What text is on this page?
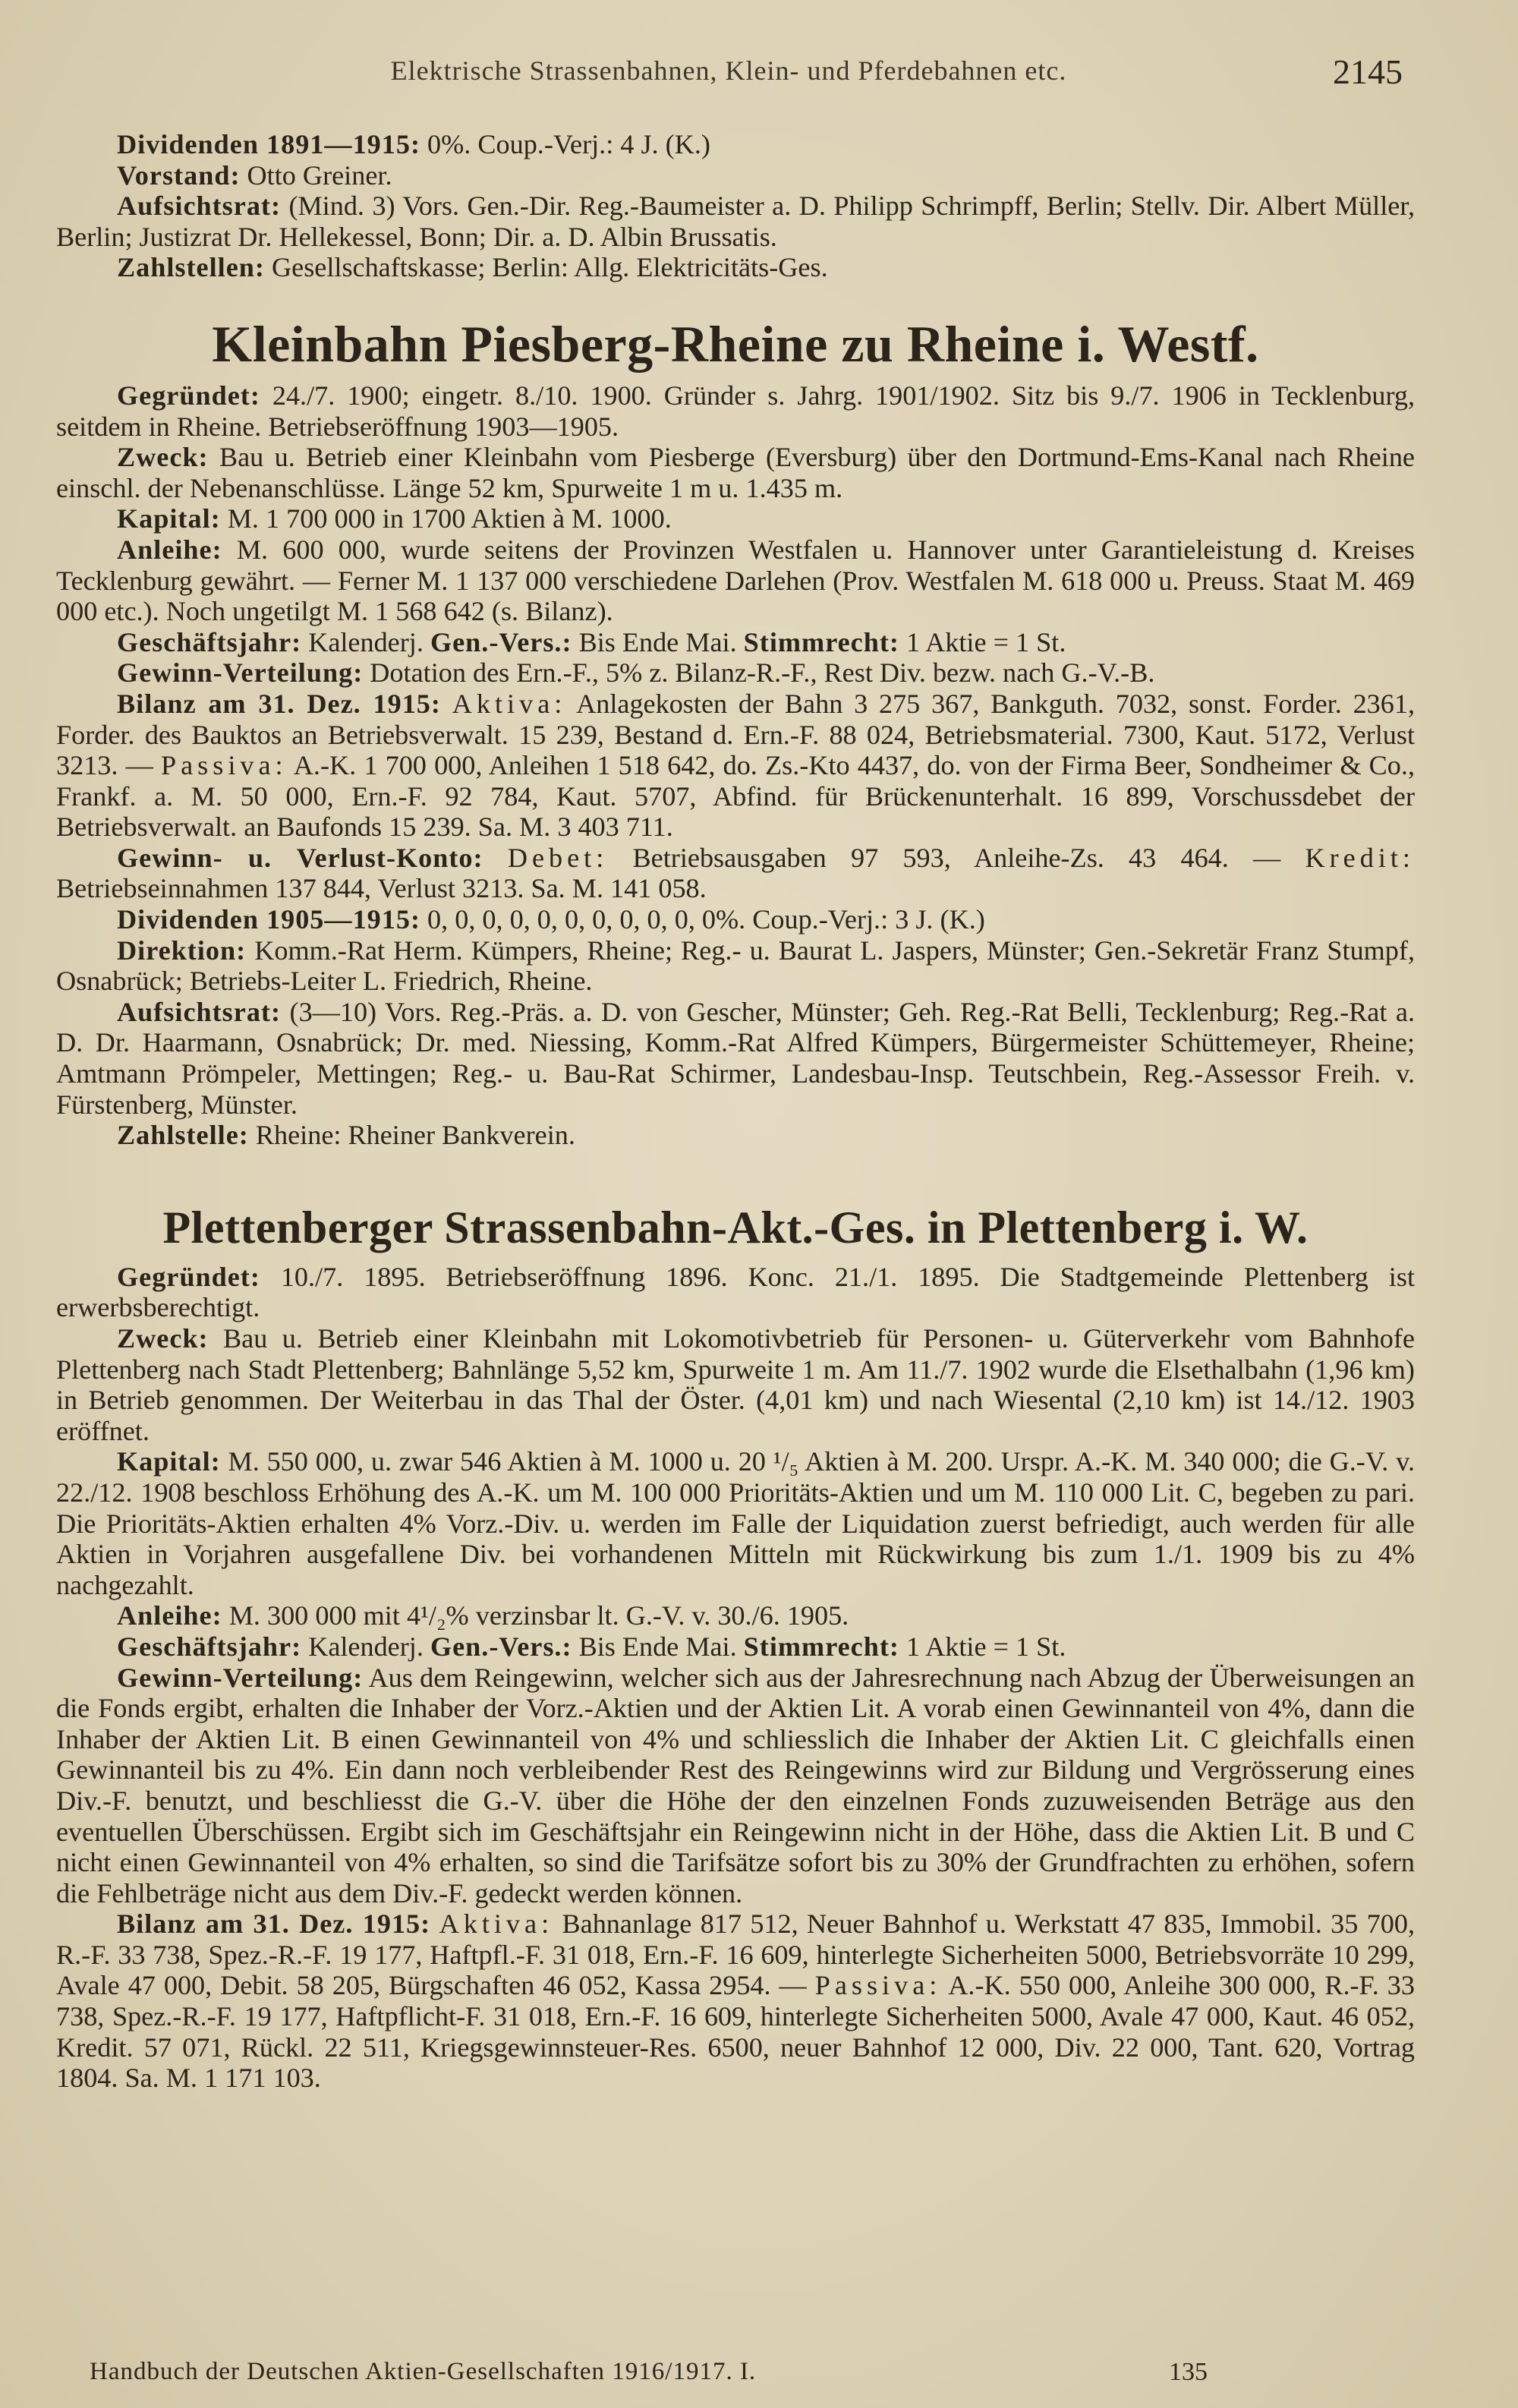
Elektrische Strassenbahnen, Klein- und Pferdebahnen etc.	2145

Dividenden 1891—1915: 0%. Coup.-Verj.: 4 J. (K.)

Vorstand: Otto Greiner.

Aufsichtsrat: (Mind. 3) Vors. Gen.-Dir. Reg.-Baumeister a. D. Philipp Schrimpff, Berlin; Stellv. Dir. Albert Müller, Berlin; Justizrat Dr. Hellekessel, Bonn; Dir. a. D. Albin Brussatis.

Zahlstellen: Gesellschaftskasse; Berlin: Allg. Elektricitäts-Ges.

Kleinbahn Piesberg-Rheine zu Rheine i. Westf.

Gegründet: 24./7. 1900; eingetr. 8./10. 1900. Gründer s. Jahrg. 1901/1902. Sitz bis 9./7. 1906 in Tecklenburg, seitdem in Rheine. Betriebseröffnung 1903—1905.

Zweck: Bau u. Betrieb einer Kleinbahn vom Piesberge (Eversburg) über den Dortmund-Ems-Kanal nach Rheine einschl. der Nebenanschlüsse. Länge 52 km, Spurweite 1 m u. 1.435 m.

Kapital: M. 1 700 000 in 1700 Aktien à M. 1000.

Anleihe: M. 600 000, wurde seitens der Provinzen Westfalen u. Hannover unter Garantieleistung d. Kreises Tecklenburg gewährt. — Ferner M. 1 137 000 verschiedene Darlehen (Prov. Westfalen M. 618 000 u. Preuss. Staat M. 469 000 etc.). Noch ungetilgt M. 1 568 642 (s. Bilanz).

Geschäftsjahr: Kalenderj. Gen.-Vers.: Bis Ende Mai. Stimmrecht: 1 Aktie = 1 St.

Gewinn-Verteilung: Dotation des Ern.-F., 5% z. Bilanz-R.-F., Rest Div. bezw. nach G.-V.-B.

Bilanz am 31. Dez. 1915: Aktiva: Anlagekosten der Bahn 3 275 367, Bankguth. 7032, sonst. Forder. 2361, Forder. des Bauktos an Betriebsverwalt. 15 239, Bestand d. Ern.-F. 88 024, Betriebsmaterial. 7300, Kaut. 5172, Verlust 3213. — Passiva: A.-K. 1 700 000, Anleihen 1 518 642, do. Zs.-Kto 4437, do. von der Firma Beer, Sondheimer & Co., Frankf. a. M. 50 000, Ern.-F. 92 784, Kaut. 5707, Abfind. für Brückenunterhalt. 16 899, Vorschussdebet der Betriebsverwalt. an Baufonds 15 239. Sa. M. 3 403 711.

Gewinn- u. Verlust-Konto: Debet: Betriebsausgaben 97 593, Anleihe-Zs. 43 464. — Kredit: Betriebseinnahmen 137 844, Verlust 3213. Sa. M. 141 058.

Dividenden 1905—1915: 0, 0, 0, 0, 0, 0, 0, 0, 0, 0, 0%. Coup.-Verj.: 3 J. (K.)

Direktion: Komm.-Rat Herm. Kümpers, Rheine; Reg.- u. Baurat L. Jaspers, Münster; Gen.-Sekretär Franz Stumpf, Osnabrück; Betriebs-Leiter L. Friedrich, Rheine.

Aufsichtsrat: (3—10) Vors. Reg.-Präs. a. D. von Gescher, Münster; Geh. Reg.-Rat Belli, Tecklenburg; Reg.-Rat a. D. Dr. Haarmann, Osnabrück; Dr. med. Niessing, Komm.-Rat Alfred Kümpers, Bürgermeister Schüttemeyer, Rheine; Amtmann Prömpeler, Mettingen; Reg.- u. Bau-Rat Schirmer, Landesbau-Insp. Teutschbein, Reg.-Assessor Freih. v. Fürstenberg, Münster.

Zahlstelle: Rheine: Rheiner Bankverein.

Plettenberger Strassenbahn-Akt.-Ges. in Plettenberg i. W.

Gegründet: 10./7. 1895. Betriebseröffnung 1896. Konc. 21./1. 1895. Die Stadtgemeinde Plettenberg ist erwerbsberechtigt.

Zweck: Bau u. Betrieb einer Kleinbahn mit Lokomotivbetrieb für Personen- u. Güterverkehr vom Bahnhofe Plettenberg nach Stadt Plettenberg; Bahnlänge 5,52 km, Spurweite 1 m. Am 11./7. 1902 wurde die Elsethalbahn (1,96 km) in Betrieb genommen. Der Weiterbau in das Thal der Öster. (4,01 km) und nach Wiesental (2,10 km) ist 14./12. 1903 eröffnet.

Kapital: M. 550 000, u. zwar 546 Aktien à M. 1000 u. 20 ¹/₅ Aktien à M. 200. Urspr. A.-K. M. 340 000; die G.-V. v. 22./12. 1908 beschloss Erhöhung des A.-K. um M. 100 000 Prioritäts-Aktien und um M. 110 000 Lit. C, begeben zu pari. Die Prioritäts-Aktien erhalten 4% Vorz.-Div. u. werden im Falle der Liquidation zuerst befriedigt, auch werden für alle Aktien in Vorjahren ausgefallene Div. bei vorhandenen Mitteln mit Rückwirkung bis zum 1./1. 1909 bis zu 4% nachgezahlt.

Anleihe: M. 300 000 mit 4¹/₂% verzinsbar lt. G.-V. v. 30./6. 1905.

Geschäftsjahr: Kalenderj. Gen.-Vers.: Bis Ende Mai. Stimmrecht: 1 Aktie = 1 St.

Gewinn-Verteilung: Aus dem Reingewinn, welcher sich aus der Jahresrechnung nach Abzug der Überweisungen an die Fonds ergibt, erhalten die Inhaber der Vorz.-Aktien und der Aktien Lit. A vorab einen Gewinnanteil von 4%, dann die Inhaber der Aktien Lit. B einen Gewinnanteil von 4% und schliesslich die Inhaber der Aktien Lit. C gleichfalls einen Gewinnanteil bis zu 4%. Ein dann noch verbleibender Rest des Reingewinns wird zur Bildung und Vergrösserung eines Div.-F. benutzt, und beschliesst die G.-V. über die Höhe der den einzelnen Fonds zuzuweisenden Beträge aus den eventuellen Überschüssen. Ergibt sich im Geschäftsjahr ein Reingewinn nicht in der Höhe, dass die Aktien Lit. B und C nicht einen Gewinnanteil von 4% erhalten, so sind die Tarifsätze sofort bis zu 30% der Grundfrachten zu erhöhen, sofern die Fehlbeträge nicht aus dem Div.-F. gedeckt werden können.

Bilanz am 31. Dez. 1915: Aktiva: Bahnanlage 817 512, Neuer Bahnhof u. Werkstatt 47 835, Immobil. 35 700, R.-F. 33 738, Spez.-R.-F. 19 177, Haftpfl.-F. 31 018, Ern.-F. 16 609, hinterlegte Sicherheiten 5000, Betriebsvorräte 10 299, Avale 47 000, Debit. 58 205, Bürgschaften 46 052, Kassa 2954. — Passiva: A.-K. 550 000, Anleihe 300 000, R.-F. 33 738, Spez.-R.-F. 19 177, Haftpflicht-F. 31 018, Ern.-F. 16 609, hinterlegte Sicherheiten 5000, Avale 47 000, Kaut. 46 052, Kredit. 57 071, Rückl. 22 511, Kriegsgewinnsteuer-Res. 6500, neuer Bahnhof 12 000, Div. 22 000, Tant. 620, Vortrag 1804. Sa. M. 1 171 103.

Handbuch der Deutschen Aktien-Gesellschaften 1916/1917. I.	135
